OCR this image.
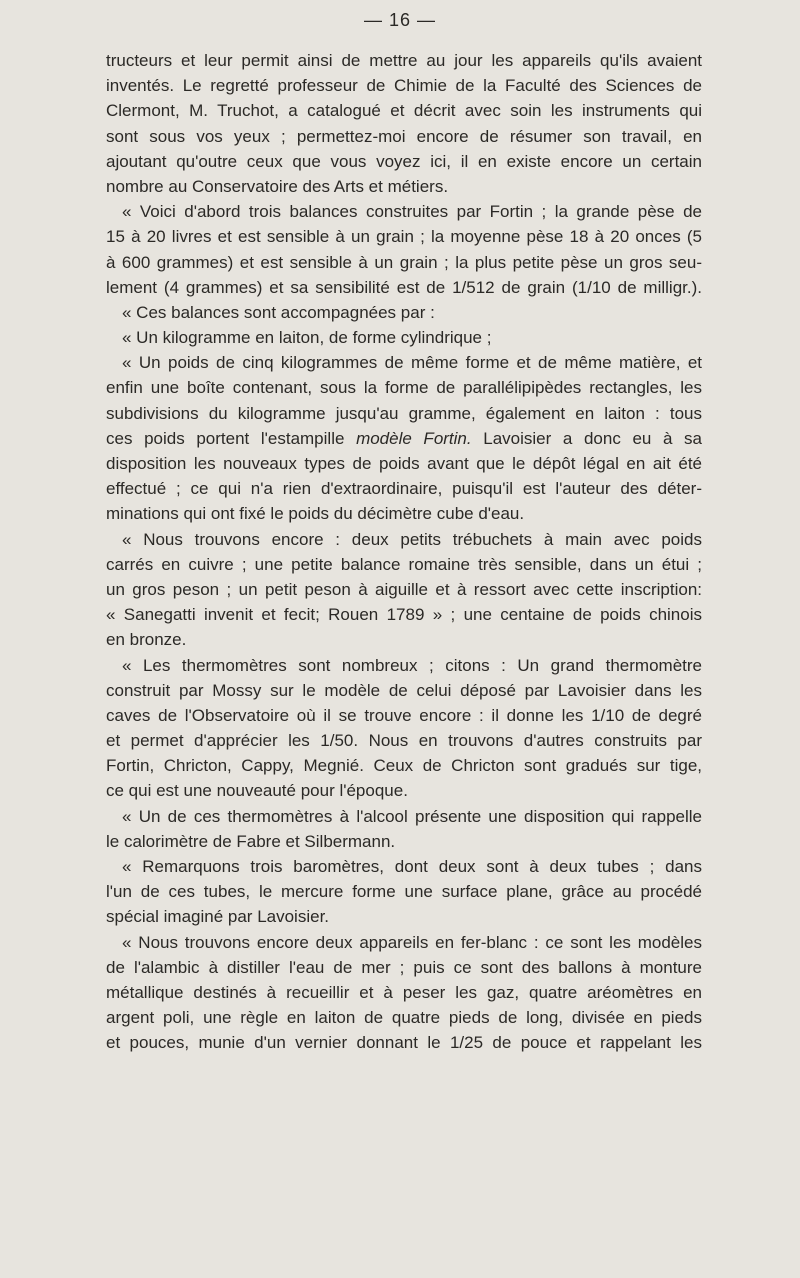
— 16 —
tructeurs et leur permit ainsi de mettre au jour les appareils qu'ils avaient
inventés. Le regretté professeur de Chimie de la Faculté des Sciences de
Clermont, M. Truchot, a catalogué et décrit avec soin les instruments qui
sont sous vos yeux ; permettez-moi encore de résumer son travail, en
ajoutant qu'outre ceux que vous voyez ici, il en existe encore un certain
nombre au Conservatoire des Arts et métiers.
« Voici d'abord trois balances construites par Fortin ; la grande pèse de
15 à 20 livres et est sensible à un grain ; la moyenne pèse 18 à 20 onces (5
à 600 grammes) et est sensible à un grain ; la plus petite pèse un gros seu-
lement (4 grammes) et sa sensibilité est de 1/512 de grain (1/10 de milligr.).
« Ces balances sont accompagnées par :
« Un kilogramme en laiton, de forme cylindrique ;
« Un poids de cinq kilogrammes de même forme et de même matière, et
enfin une boîte contenant, sous la forme de parallélipipèdes rectangles, les
subdivisions du kilogramme jusqu'au gramme, également en laiton : tous
ces poids portent l'estampille modèle Fortin. Lavoisier a donc eu à sa
disposition les nouveaux types de poids avant que le dépôt légal en ait été
effectué ; ce qui n'a rien d'extraordinaire, puisqu'il est l'auteur des déter-
minations qui ont fixé le poids du décimètre cube d'eau.
« Nous trouvons encore : deux petits trébuchets à main avec poids
carrés en cuivre ; une petite balance romaine très sensible, dans un étui ;
un gros peson ; un petit peson à aiguille et à ressort avec cette inscription:
« Sanegatti invenit et fecit; Rouen 1789 » ; une centaine de poids chinois
en bronze.
« Les thermomètres sont nombreux ; citons : Un grand thermomètre
construit par Mossy sur le modèle de celui déposé par Lavoisier dans les
caves de l'Observatoire où il se trouve encore : il donne les 1/10 de degré
et permet d'apprécier les 1/50. Nous en trouvons d'autres construits par
Fortin, Chricton, Cappy, Megnié. Ceux de Chricton sont gradués sur tige,
ce qui est une nouveauté pour l'époque.
« Un de ces thermomètres à l'alcool présente une disposition qui rappelle
le calorimètre de Fabre et Silbermann.
« Remarquons trois baromètres, dont deux sont à deux tubes ; dans
l'un de ces tubes, le mercure forme une surface plane, grâce au procédé
spécial imaginé par Lavoisier.
« Nous trouvons encore deux appareils en fer-blanc : ce sont les modèles
de l'alambic à distiller l'eau de mer ; puis ce sont des ballons à monture
métallique destinés à recueillir et à peser les gaz, quatre aréomètres en
argent poli, une règle en laiton de quatre pieds de long, divisée en pieds
et pouces, munie d'un vernier donnant le 1/25 de pouce et rappelant les
